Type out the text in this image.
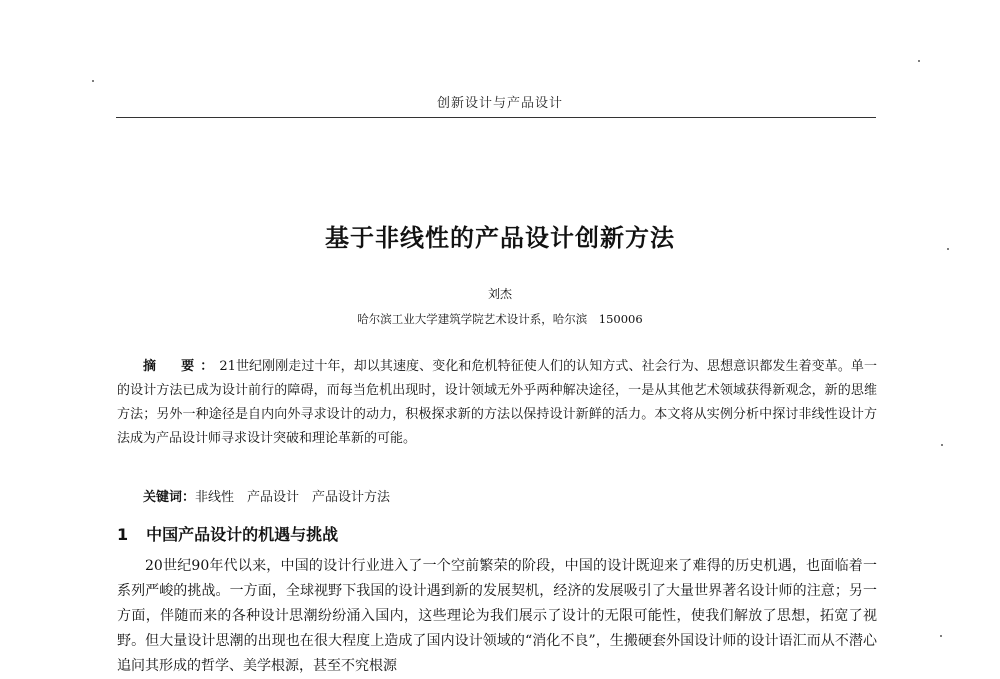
创新设计与产品设计
基于非线性的产品设计创新方法
刘杰
哈尔滨工业大学建筑学院艺术设计系，哈尔滨　150006
摘　要：21世纪刚刚走过十年，却以其速度、变化和危机特征使人们的认知方式、社会行为、思想意识都发生着变革。单一的设计方法已成为设计前行的障碍，而每当危机出现时，设计领域无外乎两种解决途径，一是从其他艺术领域获得新观念，新的思维方法；另外一种途径是自内向外寻求设计的动力，积极探求新的方法以保持设计新鲜的活力。本文将从实例分析中探讨非线性设计方法成为产品设计师寻求设计突破和理论革新的可能。
关键词：非线性　产品设计　产品设计方法
1 中国产品设计的机遇与挑战
20世纪90年代以来，中国的设计行业进入了一个空前繁荣的阶段，中国的设计既迎来了难得的历史机遇，也面临着一系列严峻的挑战。一方面，全球视野下我国的设计遇到新的发展契机，经济的发展吸引了大量世界著名设计师的注意；另一方面，伴随而来的各种设计思潮纷纷涌入国内，这些理论为我们展示了设计的无限可能性，使我们解放了思想，拓宽了视野。但大量设计思潮的出现也在很大程度上造成了国内设计领域的“消化不良”，生搬硬套外国设计师的设计语汇而从不潜心追问其形成的哲学、美学根源，甚至不究根源
